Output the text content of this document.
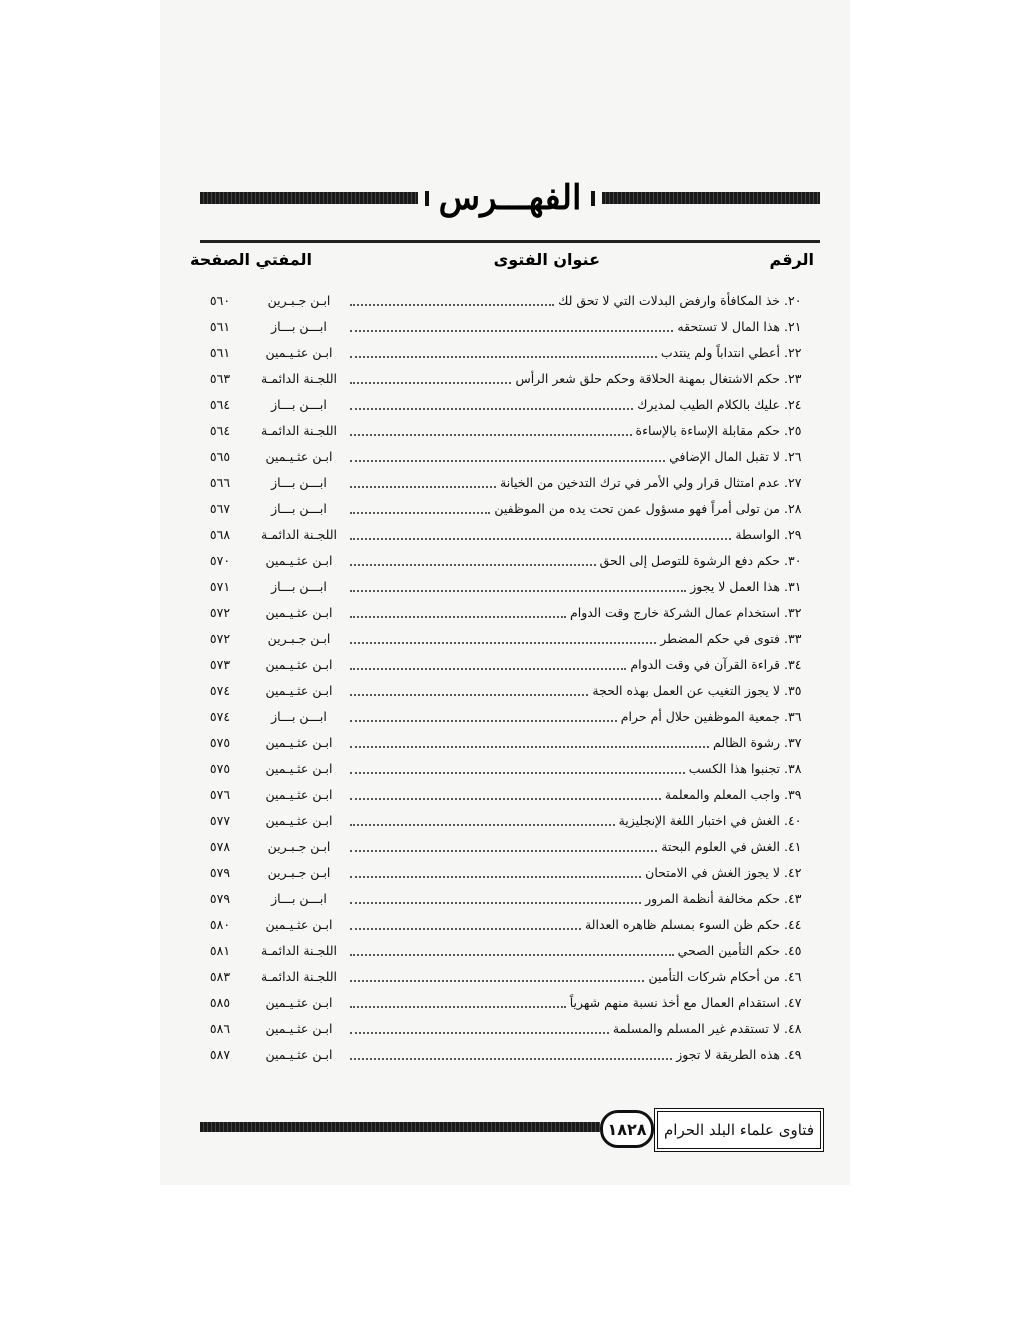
الفهـــرس
الرقم
عنوان الفتوى
المفتي
الصفحة
٢٠.
خذ المكافأة وارفض البدلات التي لا تحق لك
ابـن جـبـرين
٥٦٠
٢١.
هذا المال لا تستحقه
ابـــن بـــاز
٥٦١
٢٢.
أعطي انتداباً ولم ينتدب
ابـن عثـيـمين
٥٦١
٢٣.
حكم الاشتغال بمهنة الحلاقة وحكم حلق شعر الرأس
اللجـنة الدائمـة
٥٦٣
٢٤.
عليك بالكلام الطيب لمديرك
ابـــن بـــاز
٥٦٤
٢٥.
حكم مقابلة الإساءة بالإساءة
اللجـنة الدائمـة
٥٦٤
٢٦.
لا تقبل المال الإضافي
ابـن عثـيـمين
٥٦٥
٢٧.
عدم امتثال قرار ولي الأمر في ترك التدخين من الخيانة
ابـــن بـــاز
٥٦٦
٢٨.
من تولى أمراً فهو مسؤول عمن تحت يده من الموظفين
ابـــن بـــاز
٥٦٧
٢٩.
الواسطة
اللجـنة الدائمـة
٥٦٨
٣٠.
حكم دفع الرشوة للتوصل إلى الحق
ابـن عثـيـمين
٥٧٠
٣١.
هذا العمل لا يجوز
ابـــن بـــاز
٥٧١
٣٢.
استخدام عمال الشركة خارج وقت الدوام
ابـن عثـيـمين
٥٧٢
٣٣.
فتوى في حكم المضطر
ابـن جـبـرين
٥٧٢
٣٤.
قراءة القرآن في وقت الدوام
ابـن عثـيـمين
٥٧٣
٣٥.
لا يجوز التغيب عن العمل بهذه الحجة
ابـن عثـيـمين
٥٧٤
٣٦.
جمعية الموظفين حلال أم حرام
ابـــن بـــاز
٥٧٤
٣٧.
رشوة الظالم
ابـن عثـيـمين
٥٧٥
٣٨.
تجنبوا هذا الكسب
ابـن عثـيـمين
٥٧٥
٣٩.
واجب المعلم والمعلمة
ابـن عثـيـمين
٥٧٦
٤٠.
الغش في اختبار اللغة الإنجليزية
ابـن عثـيـمين
٥٧٧
٤١.
الغش في العلوم البحتة
ابـن جـبـرين
٥٧٨
٤٢.
لا يجوز الغش في الامتحان
ابـن جـبـرين
٥٧٩
٤٣.
حكم مخالفة أنظمة المرور
ابـــن بـــاز
٥٧٩
٤٤.
حكم ظن السوء بمسلم ظاهره العدالة
ابـن عثـيـمين
٥٨٠
٤٥.
حكم التأمين الصحي
اللجـنة الدائمـة
٥٨١
٤٦.
من أحكام شركات التأمين
اللجـنة الدائمـة
٥٨٣
٤٧.
استقدام العمال مع أخذ نسبة منهم شهرياً
ابـن عثـيـمين
٥٨٥
٤٨.
لا تستقدم غير المسلم والمسلمة
ابـن عثـيـمين
٥٨٦
٤٩.
هذه الطريقة لا تجوز
ابـن عثـيـمين
٥٨٧
١٨٢٨	فتاوى علماء البلد الحرام
